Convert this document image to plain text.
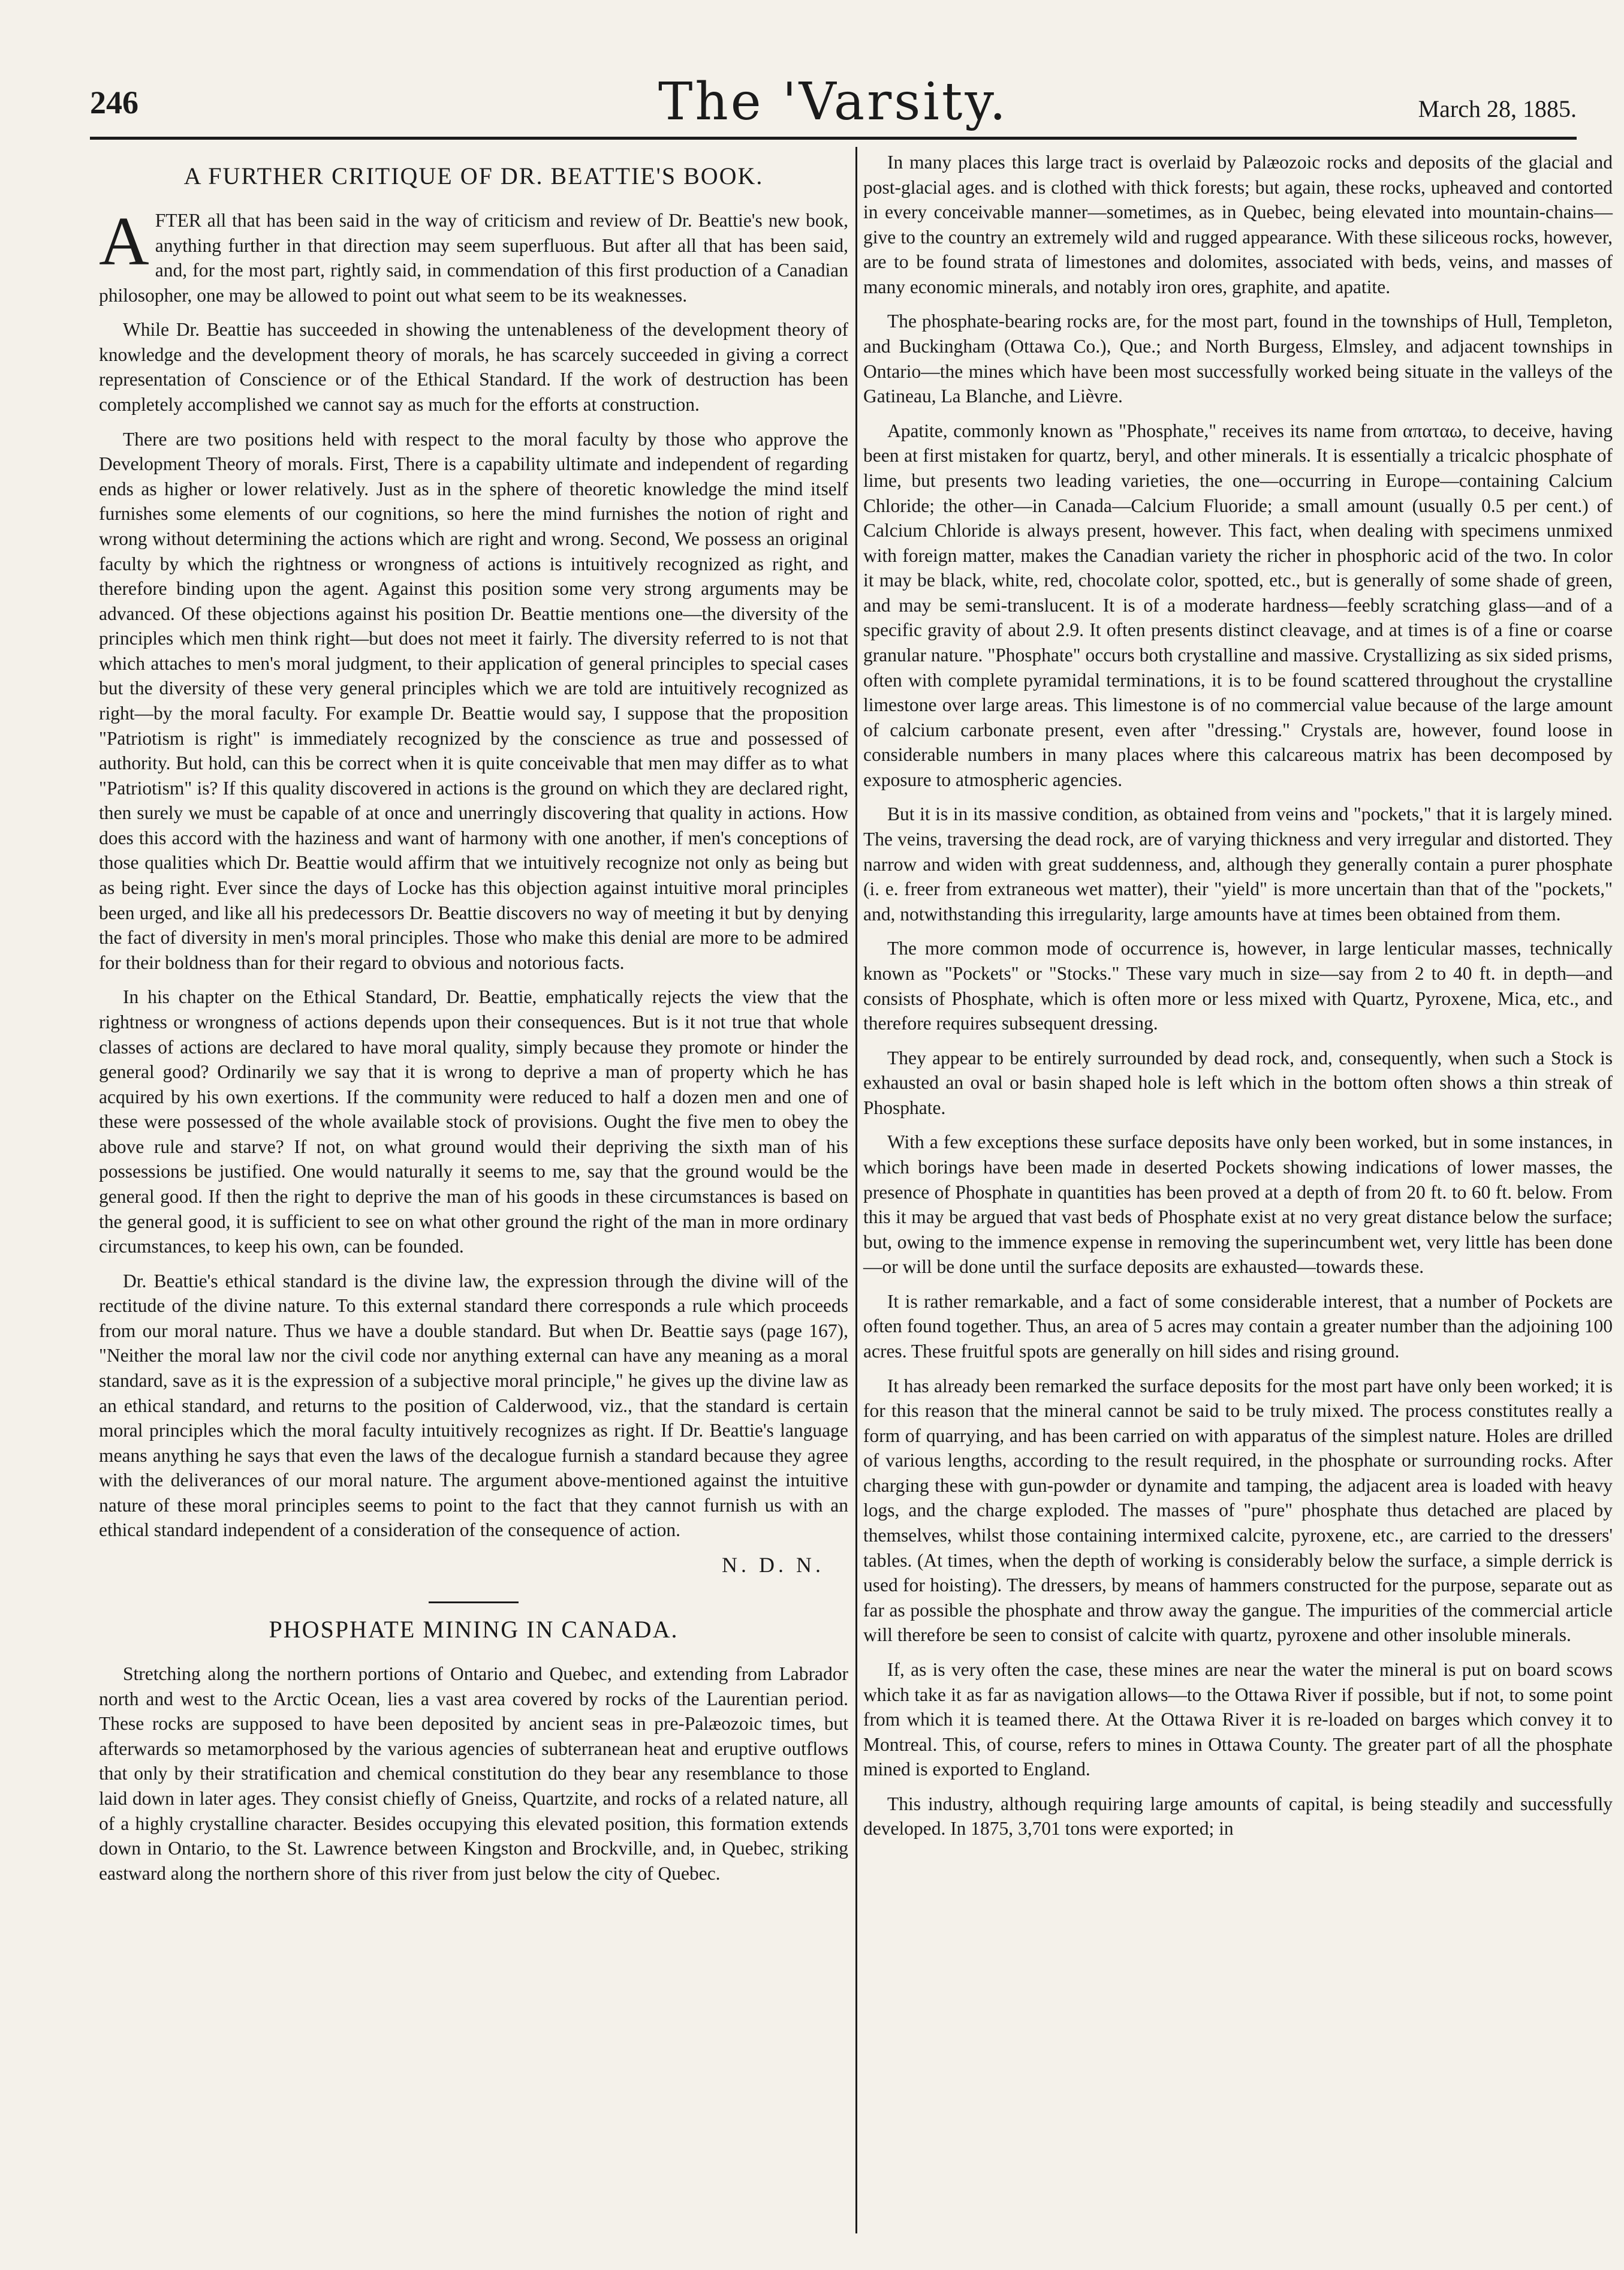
246	The 'Varsity.	March 28, 1885.
A FURTHER CRITIQUE OF DR. BEATTIE'S BOOK.

AFTER all that has been said in the way of criticism and review of Dr. Beattie's new book, anything further in that direction may seem superfluous. But after all that has been said, and, for the most part, rightly said, in commendation of this first production of a Canadian philosopher, one may be allowed to point out what seem to be its weaknesses.

While Dr. Beattie has succeeded in showing the untenableness of the development theory of knowledge and the development theory of morals, he has scarcely succeeded in giving a correct representation of Conscience or of the Ethical Standard. If the work of destruction has been completely accomplished we cannot say as much for the efforts at construction.

There are two positions held with respect to the moral faculty by those who approve the Development Theory of morals. First, There is a capability ultimate and independent of regarding ends as higher or lower relatively. Just as in the sphere of theoretic knowledge the mind itself furnishes some elements of our cognitions, so here the mind furnishes the notion of right and wrong without determining the actions which are right and wrong. Second, We possess an original faculty by which the rightness or wrongness of actions is intuitively recognized as right, and therefore binding upon the agent. Against this position some very strong arguments may be advanced. Of these objections against his position Dr. Beattie mentions one—the diversity of the principles which men think right—but does not meet it fairly. The diversity referred to is not that which attaches to men's moral judgment, to their application of general principles to special cases but the diversity of these very general principles which we are told are intuitively recognized as right—by the moral faculty. For example Dr. Beattie would say, I suppose that the proposition "Patriotism is right" is immediately recognized by the conscience as true and possessed of authority. But hold, can this be correct when it is quite conceivable that men may differ as to what "Patriotism" is? If this quality discovered in actions is the ground on which they are declared right, then surely we must be capable of at once and unerringly discovering that quality in actions. How does this accord with the haziness and want of harmony with one another, if men's conceptions of those qualities which Dr. Beattie would affirm that we intuitively recognize not only as being but as being right. Ever since the days of Locke has this objection against intuitive moral principles been urged, and like all his predecessors Dr. Beattie discovers no way of meeting it but by denying the fact of diversity in men's moral principles. Those who make this denial are more to be admired for their boldness than for their regard to obvious and notorious facts.

In his chapter on the Ethical Standard, Dr. Beattie, emphatically rejects the view that the rightness or wrongness of actions depends upon their consequences. But is it not true that whole classes of actions are declared to have moral quality, simply because they promote or hinder the general good? Ordinarily we say that it is wrong to deprive a man of property which he has acquired by his own exertions. If the community were reduced to half a dozen men and one of these were possessed of the whole available stock of provisions. Ought the five men to obey the above rule and starve? If not, on what ground would their depriving the sixth man of his possessions be justified. One would naturally it seems to me, say that the ground would be the general good. If then the right to deprive the man of his goods in these circumstances is based on the general good, it is sufficient to see on what other ground the right of the man in more ordinary circumstances, to keep his own, can be founded.

Dr. Beattie's ethical standard is the divine law, the expression through the divine will of the rectitude of the divine nature. To this external standard there corresponds a rule which proceeds from our moral nature. Thus we have a double standard. But when Dr. Beattie says (page 167), "Neither the moral law nor the civil code nor anything external can have any meaning as a moral standard, save as it is the expression of a subjective moral principle," he gives up the divine law as an ethical standard, and returns to the position of Calderwood, viz., that the standard is certain moral principles which the moral faculty intuitively recognizes as right. If Dr. Beattie's language means anything he says that even the laws of the decalogue furnish a standard because they agree with the deliverances of our moral nature. The argument above-mentioned against the intuitive nature of these moral principles seems to point to the fact that they cannot furnish us with an ethical standard independent of a consideration of the consequence of action.

N. D. N.
PHOSPHATE MINING IN CANADA.

Stretching along the northern portions of Ontario and Quebec, and extending from Labrador north and west to the Arctic Ocean, lies a vast area covered by rocks of the Laurentian period. These rocks are supposed to have been deposited by ancient seas in pre-Palæozoic times, but afterwards so metamorphosed by the various agencies of subterranean heat and eruptive outflows that only by their stratification and chemical constitution do they bear any resemblance to those laid down in later ages. They consist chiefly of Gneiss, Quartzite, and rocks of a related nature, all of a highly crystalline character. Besides occupying this elevated position, this formation extends down in Ontario, to the St. Lawrence between Kingston and Brockville, and, in Quebec, striking eastward along the northern shore of this river from just below the city of Quebec.

In many places this large tract is overlaid by Palæozoic rocks and deposits of the glacial and post-glacial ages. and is clothed with thick forests; but again, these rocks, upheaved and contorted in every conceivable manner—sometimes, as in Quebec, being elevated into mountain-chains—give to the country an extremely wild and rugged appearance. With these siliceous rocks, however, are to be found strata of limestones and dolomites, associated with beds, veins, and masses of many economic minerals, and notably iron ores, graphite, and apatite.

The phosphate-bearing rocks are, for the most part, found in the townships of Hull, Templeton, and Buckingham (Ottawa Co.), Que.; and North Burgess, Elmsley, and adjacent townships in Ontario—the mines which have been most successfully worked being situate in the valleys of the Gatineau, La Blanche, and Lièvre.

Apatite, commonly known as "Phosphate," receives its name from απαταω, to deceive, having been at first mistaken for quartz, beryl, and other minerals. It is essentially a tricalcic phosphate of lime, but presents two leading varieties, the one—occurring in Europe—containing Calcium Chloride; the other—in Canada—Calcium Fluoride; a small amount (usually 0.5 per cent.) of Calcium Chloride is always present, however. This fact, when dealing with specimens unmixed with foreign matter, makes the Canadian variety the richer in phosphoric acid of the two. In color it may be black, white, red, chocolate color, spotted, etc., but is generally of some shade of green, and may be semi-translucent. It is of a moderate hardness—feebly scratching glass—and of a specific gravity of about 2.9. It often presents distinct cleavage, and at times is of a fine or coarse granular nature. "Phosphate" occurs both crystalline and massive. Crystallizing as six sided prisms, often with complete pyramidal terminations, it is to be found scattered throughout the crystalline limestone over large areas. This limestone is of no commercial value because of the large amount of calcium carbonate present, even after "dressing." Crystals are, however, found loose in considerable numbers in many places where this calcareous matrix has been decomposed by exposure to atmospheric agencies.

But it is in its massive condition, as obtained from veins and "pockets," that it is largely mined. The veins, traversing the dead rock, are of varying thickness and very irregular and distorted. They narrow and widen with great suddenness, and, although they generally contain a purer phosphate (i. e. freer from extraneous wet matter), their "yield" is more uncertain than that of the "pockets," and, notwithstanding this irregularity, large amounts have at times been obtained from them.

The more common mode of occurrence is, however, in large lenticular masses, technically known as "Pockets" or "Stocks." These vary much in size—say from 2 to 40 ft. in depth—and consists of Phosphate, which is often more or less mixed with Quartz, Pyroxene, Mica, etc., and therefore requires subsequent dressing.

They appear to be entirely surrounded by dead rock, and, consequently, when such a Stock is exhausted an oval or basin shaped hole is left which in the bottom often shows a thin streak of Phosphate.

With a few exceptions these surface deposits have only been worked, but in some instances, in which borings have been made in deserted Pockets showing indications of lower masses, the presence of Phosphate in quantities has been proved at a depth of from 20 ft. to 60 ft. below. From this it may be argued that vast beds of Phosphate exist at no very great distance below the surface; but, owing to the immence expense in removing the superincumbent wet, very little has been done—or will be done until the surface deposits are exhausted—towards these.

It is rather remarkable, and a fact of some considerable interest, that a number of Pockets are often found together. Thus, an area of 5 acres may contain a greater number than the adjoining 100 acres. These fruitful spots are generally on hill sides and rising ground.

It has already been remarked the surface deposits for the most part have only been worked; it is for this reason that the mineral cannot be said to be truly mixed. The process constitutes really a form of quarrying, and has been carried on with apparatus of the simplest nature. Holes are drilled of various lengths, according to the result required, in the phosphate or surrounding rocks. After charging these with gun-powder or dynamite and tamping, the adjacent area is loaded with heavy logs, and the charge exploded. The masses of "pure" phosphate thus detached are placed by themselves, whilst those containing intermixed calcite, pyroxene, etc., are carried to the dressers' tables. (At times, when the depth of working is considerably below the surface, a simple derrick is used for hoisting). The dressers, by means of hammers constructed for the purpose, separate out as far as possible the phosphate and throw away the gangue. The impurities of the commercial article will therefore be seen to consist of calcite with quartz, pyroxene and other insoluble minerals.

If, as is very often the case, these mines are near the water the mineral is put on board scows which take it as far as navigation allows—to the Ottawa River if possible, but if not, to some point from which it is teamed there. At the Ottawa River it is re-loaded on barges which convey it to Montreal. This, of course, refers to mines in Ottawa County. The greater part of all the phosphate mined is exported to England.

This industry, although requiring large amounts of capital, is being steadily and successfully developed. In 1875, 3,701 tons were exported; in
